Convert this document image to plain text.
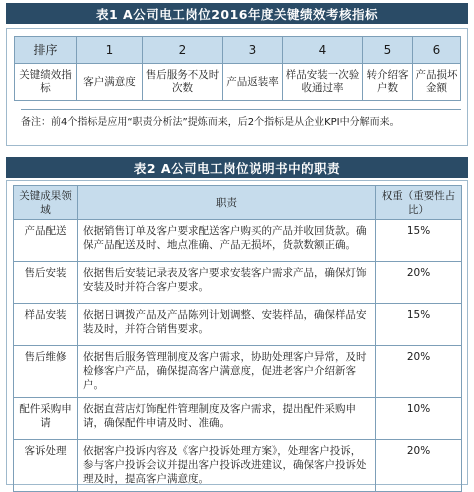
表1 A公司电工岗位2016年度关键绩效考核指标
排序	1	2	3	4	5	6
关键绩效指标	客户满意度	售后服务不及时次数	产品返装率	样品安装一次验收通过率	转介绍客户数	产品损坏金额
备注：前4个指标是应用“职责分析法”提炼而来，后2个指标是从企业KPI中分解而来。
表2 A公司电工岗位说明书中的职责
关键成果领域	职责	权重（重要性占比）
产品配送	依据销售订单及客户要求配送客户购买的产品并收回货款。确保产品配送及时、地点准确、产品无损坏，货款数额正确。	15%
售后安装	依据售后安装记录表及客户要求安装客户需求产品，确保灯饰安装及时并符合客户要求。	20%
样品安装	依据日调拨产品及产品陈列计划调整、安装样品，确保样品安装及时，并符合销售要求。	15%
售后维修	依据售后服务管理制度及客户需求，协助处理客户异常，及时检修客户产品，确保提高客户满意度，促进老客户介绍新客户。	20%
配件采购申请	依据直营店灯饰配件管理制度及客户需求，提出配件采购申请，确保配件申请及时、准确。	10%
客诉处理	依据客户投诉内容及《客户投诉处理方案》，处理客户投诉，参与客户投诉会议并提出客户投诉改进建议，确保客户投诉处理及时，提高客户满意度。	20%
